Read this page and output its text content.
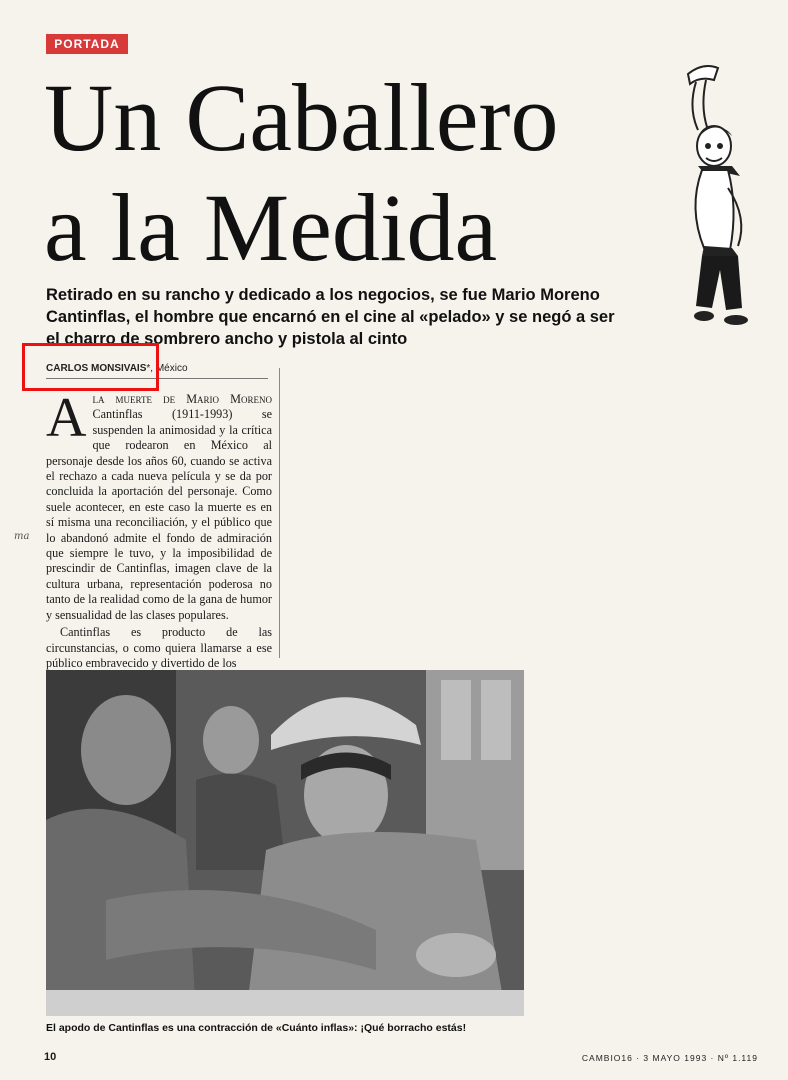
PORTADA
Un Caballero
a la Medida
Retirado en su rancho y dedicado a los negocios, se fue Mario Moreno Cantinflas, el hombre que encarnó en el cine al «pelado» y se negó a ser el charro de sombrero ancho y pistola al cinto
CARLOS MONSIVAIS*, México
ma

Ala muerte de Mario Moreno Cantinflas (1911-1993) se suspenden la animosidad y la crítica que rodearon en México al personaje desde los años 60, cuando se activa el rechazo a cada nueva película y se da por concluida la aportación del personaje. Como suele acontecer, en este caso la muerte es en sí misma una reconciliación, y el público que lo abandonó admite el fondo de admiración que siempre le tuvo, y la imposibilidad de prescindir de Cantinflas, imagen clave de la cultura urbana, representación poderosa no tanto de la realidad como de la gana de humor y sensualidad de las clases populares.

Cantinflas es producto de las circunstancias, o como quiera llamarse a ese público embravecido y divertido de los

El apodo de Cantinflas es una contracción de «Cuánto inflas»: ¡Qué borracho estás!
10	CAMBIO16 · 3 MAYO 1993 · Nº 1.119
